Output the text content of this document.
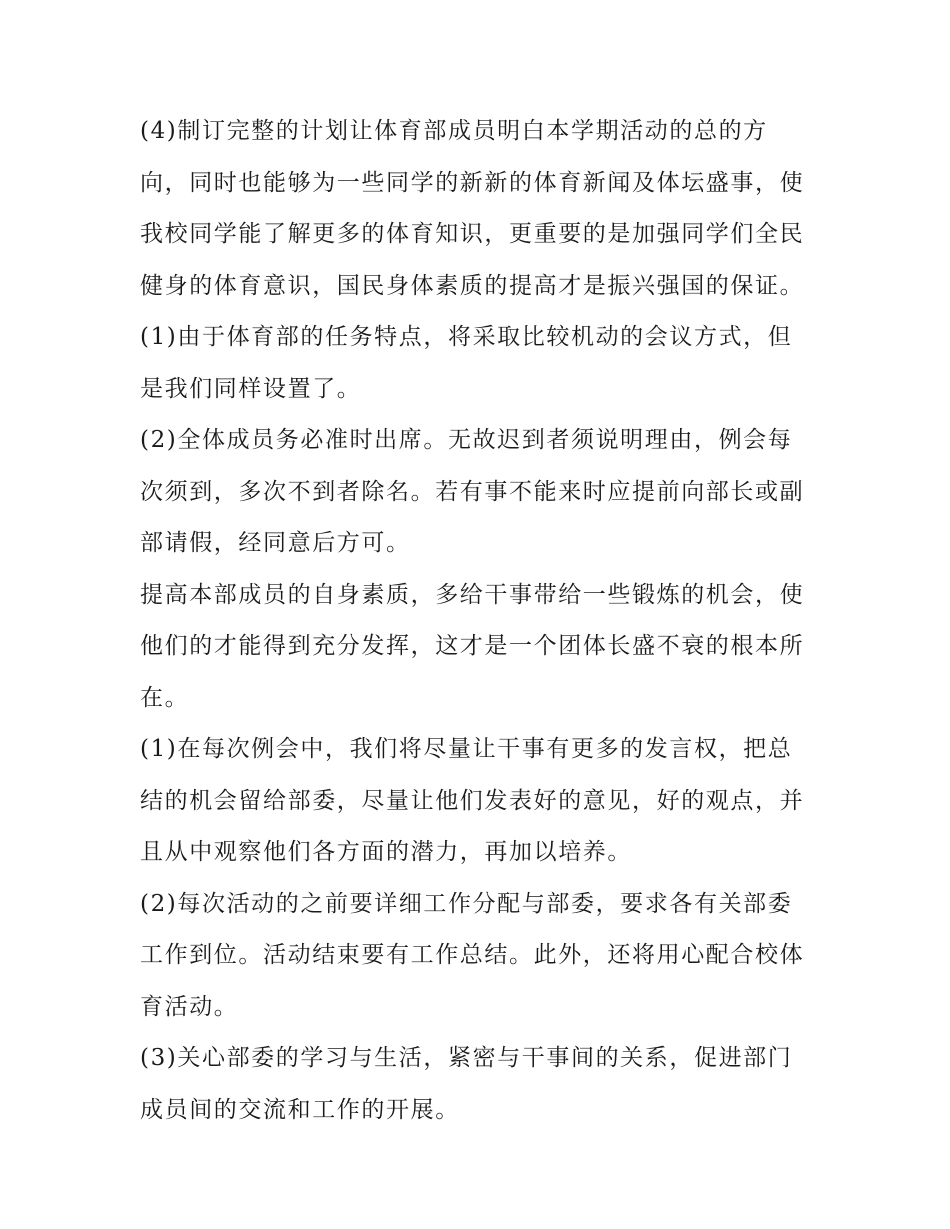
(4)制订完整的计划让体育部成员明白本学期活动的总的方
向，同时也能够为一些同学的新新的体育新闻及体坛盛事，使
我校同学能了解更多的体育知识，更重要的是加强同学们全民
健身的体育意识，国民身体素质的提高才是振兴强国的保证。
(1)由于体育部的任务特点，将采取比较机动的会议方式，但
是我们同样设置了。
(2)全体成员务必准时出席。无故迟到者须说明理由，例会每
次须到，多次不到者除名。若有事不能来时应提前向部长或副
部请假，经同意后方可。
提高本部成员的自身素质，多给干事带给一些锻炼的机会，使
他们的才能得到充分发挥，这才是一个团体长盛不衰的根本所
在。
(1)在每次例会中，我们将尽量让干事有更多的发言权，把总
结的机会留给部委，尽量让他们发表好的意见，好的观点，并
且从中观察他们各方面的潜力，再加以培养。
(2)每次活动的之前要详细工作分配与部委，要求各有关部委
工作到位。活动结束要有工作总结。此外，还将用心配合校体
育活动。
(3)关心部委的学习与生活，紧密与干事间的关系，促进部门
成员间的交流和工作的开展。
